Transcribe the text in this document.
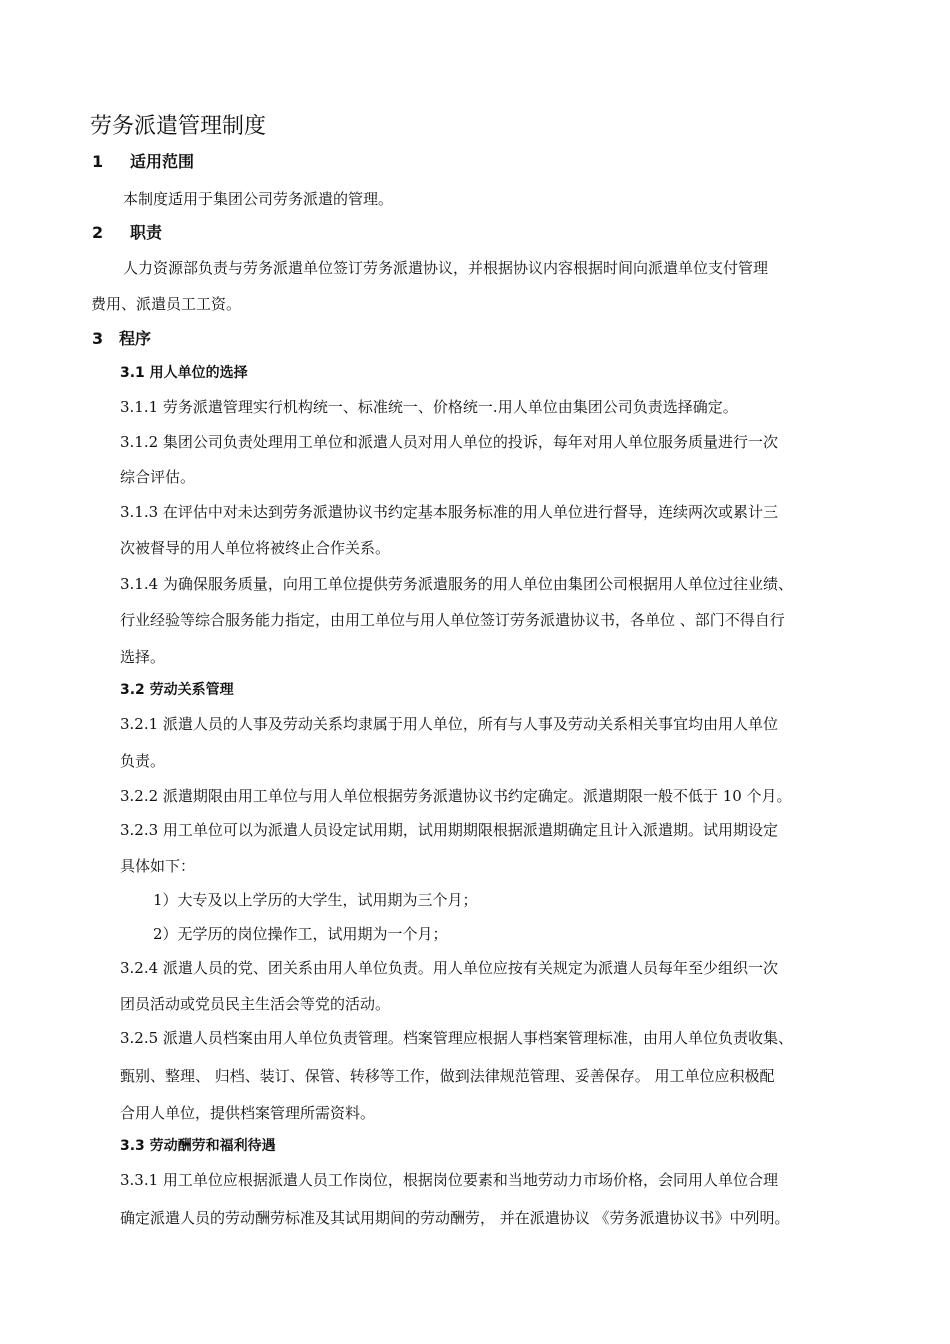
劳务派遣管理制度
1 适用范围
本制度适用于集团公司劳务派遣的管理。
2 职责
人力资源部负责与劳务派遣单位签订劳务派遣协议，并根据协议内容根据时间向派遣单位支付管理
费用、派遣员工工资。
3 程序
3.1 用人单位的选择
3.1.1 劳务派遣管理实行机构统一、标准统一、价格统一.用人单位由集团公司负责选择确定。
3.1.2 集团公司负责处理用工单位和派遣人员对用人单位的投诉，每年对用人单位服务质量进行一次
综合评估。
3.1.3 在评估中对未达到劳务派遣协议书约定基本服务标准的用人单位进行督导，连续两次或累计三
次被督导的用人单位将被终止合作关系。
3.1.4 为确保服务质量，向用工单位提供劳务派遣服务的用人单位由集团公司根据用人单位过往业绩、
行业经验等综合服务能力指定，由用工单位与用人单位签订劳务派遣协议书，各单位 、部门不得自行
选择。
3.2 劳动关系管理
3.2.1 派遣人员的人事及劳动关系均隶属于用人单位，所有与人事及劳动关系相关事宜均由用人单位
负责。
3.2.2 派遣期限由用工单位与用人单位根据劳务派遣协议书约定确定。派遣期限一般不低于 10 个月。
3.2.3 用工单位可以为派遣人员设定试用期，试用期期限根据派遣期确定且计入派遣期。试用期设定
具体如下：
1）大专及以上学历的大学生，试用期为三个月；
2）无学历的岗位操作工，试用期为一个月；
3.2.4 派遣人员的党、团关系由用人单位负责。用人单位应按有关规定为派遣人员每年至少组织一次
团员活动或党员民主生活会等党的活动。
3.2.5 派遣人员档案由用人单位负责管理。档案管理应根据人事档案管理标准，由用人单位负责收集、
甄别、整理、 归档、装订、保管、转移等工作，做到法律规范管理、妥善保存。 用工单位应积极配
合用人单位，提供档案管理所需资料。
3.3 劳动酬劳和福利待遇
3.3.1 用工单位应根据派遣人员工作岗位，根据岗位要素和当地劳动力市场价格，会同用人单位合理
确定派遣人员的劳动酬劳标准及其试用期间的劳动酬劳， 并在派遣协议 《劳务派遣协议书》中列明。
